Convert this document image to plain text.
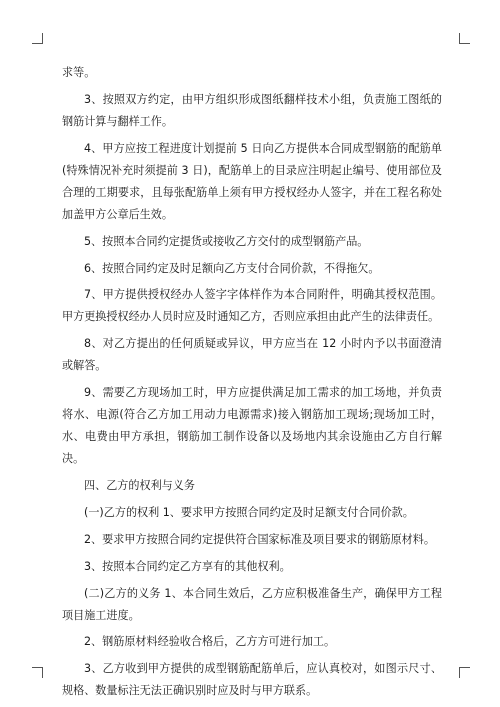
求等。

3、按照双方约定，由甲方组织形成图纸翻样技术小组，负责施工图纸的钢筋计算与翻样工作。

4、甲方应按工程进度计划提前 5 日向乙方提供本合同成型钢筋的配筋单(特殊情况补充时须提前 3 日)，配筋单上的目录应注明起止编号、使用部位及合理的工期要求，且每张配筋单上须有甲方授权经办人签字，并在工程名称处加盖甲方公章后生效。

5、按照本合同约定提货或接收乙方交付的成型钢筋产品。

6、按照合同约定及时足额向乙方支付合同价款，不得拖欠。

7、甲方提供授权经办人签字字体样作为本合同附件，明确其授权范围。甲方更换授权经办人员时应及时通知乙方，否则应承担由此产生的法律责任。

8、对乙方提出的任何质疑或异议，甲方应当在 12 小时内予以书面澄清或解答。

9、需要乙方现场加工时，甲方应提供满足加工需求的加工场地，并负责将水、电源(符合乙方加工用动力电源需求)接入钢筋加工现场;现场加工时，水、电费由甲方承担，钢筋加工制作设备以及场地内其余设施由乙方自行解决。

四、乙方的权利与义务

(一)乙方的权利 1、要求甲方按照合同约定及时足额支付合同价款。

2、要求甲方按照合同约定提供符合国家标准及项目要求的钢筋原材料。

3、按照本合同约定乙方享有的其他权利。

(二)乙方的义务 1、本合同生效后，乙方应积极准备生产，确保甲方工程项目施工进度。

2、钢筋原材料经验收合格后，乙方方可进行加工。

3、乙方收到甲方提供的成型钢筋配筋单后，应认真校对，如图示尺寸、规格、数量标注无法正确识别时应及时与甲方联系。
